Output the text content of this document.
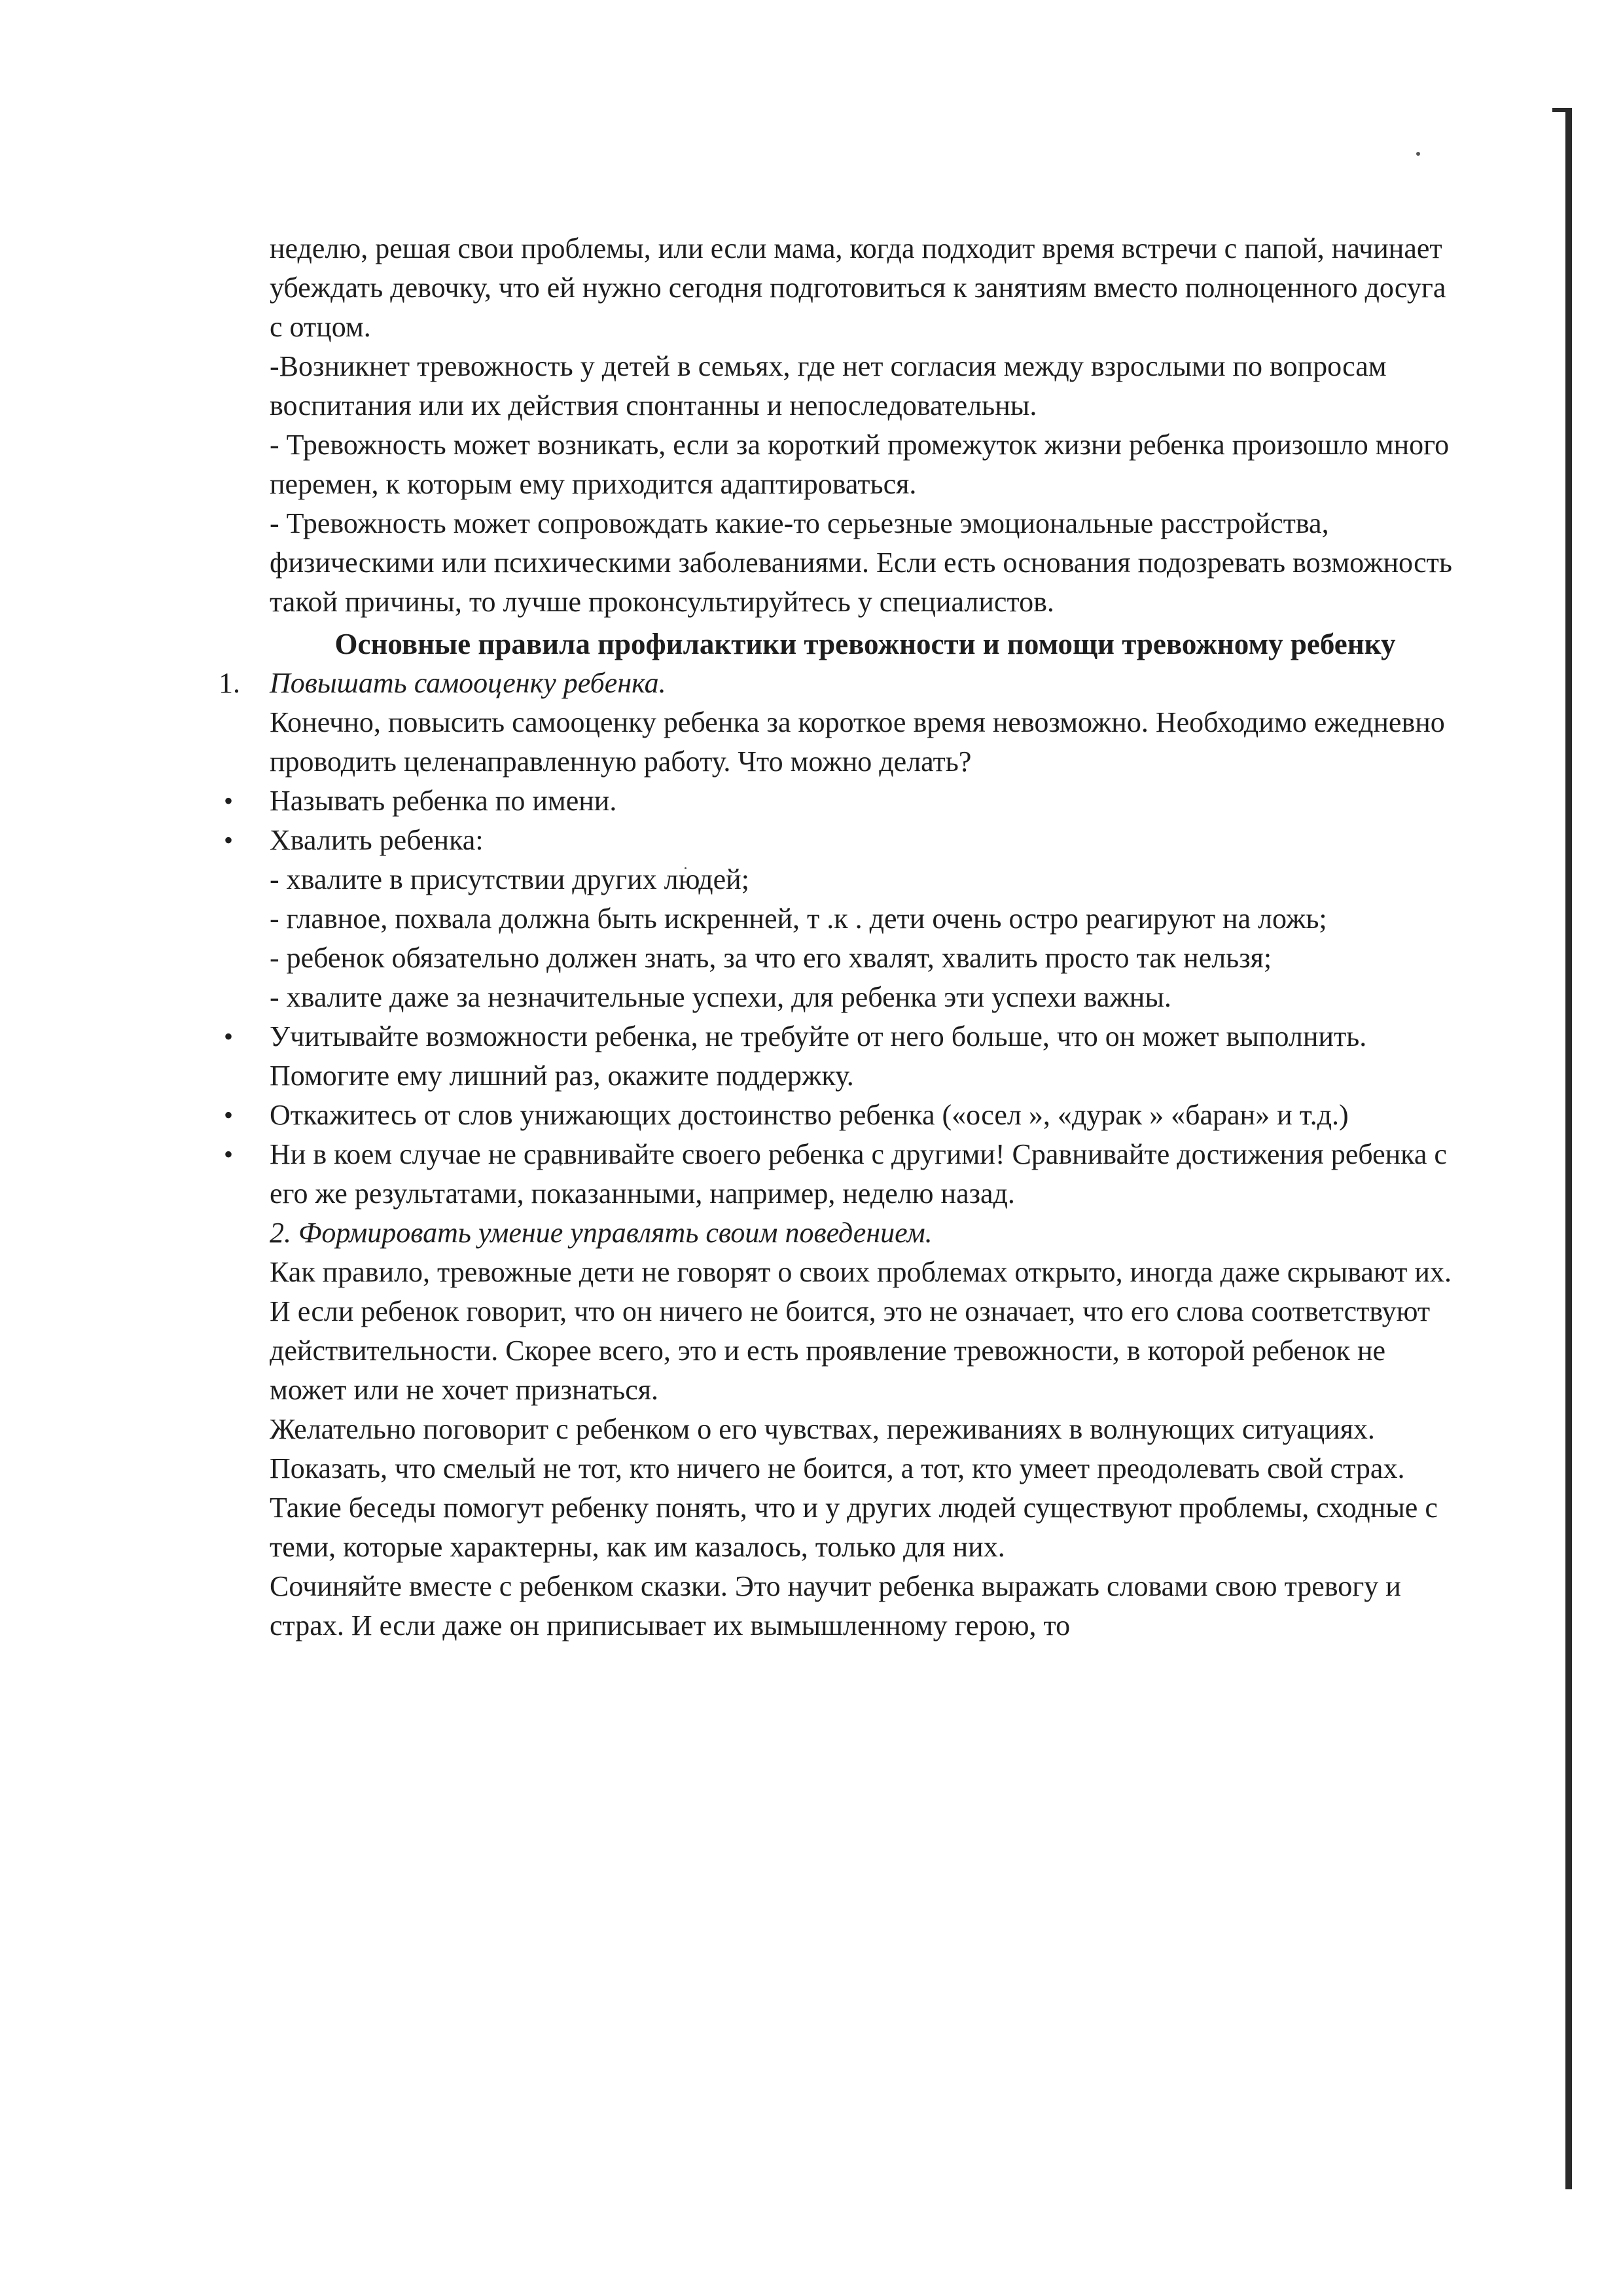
неделю, решая свои проблемы, или если мама, когда подходит время встречи с папой, начинает убеждать девочку, что ей нужно сегодня подготовиться к занятиям вместо полноценного досуга с отцом.

-Возникнет тревожность у детей в семьях, где нет согласия между взрослыми по вопросам воспитания или их действия спонтанны и непоследовательны.

- Тревожность может возникать, если за короткий промежуток жизни ребенка произошло много перемен, к которым ему приходится адаптироваться.

- Тревожность может сопровождать какие-то серьезные эмоциональные расстройства, физическими или психическими заболеваниями. Если есть основания подозревать возможность такой причины, то лучше проконсультируйтесь у специалистов.

Основные правила профилактики тревожности и помощи тревожному ребенку

1. Повышать самооценку ребенка.

Конечно, повысить самооценку ребенка за короткое время невозможно. Необходимо ежедневно проводить целенаправленную работу. Что можно делать?

• Называть ребенка по имени.
• Хвалить ребенка:

- хвалите в присутствии других людей;

- главное, похвала должна быть искренней, т .к . дети очень остро реагируют на ложь;

- ребенок обязательно должен знать, за что его хвалят, хвалить просто так нельзя;

- хвалите даже за незначительные успехи, для ребенка эти успехи важны.

• Учитывайте возможности ребенка, не требуйте от него больше, что он может выполнить. Помогите ему лишний раз, окажите поддержку.
• Откажитесь от слов унижающих достоинство ребенка («осел », «дурак » «баран» и т.д.)
• Ни в коем случае не сравнивайте своего ребенка с другими! Сравнивайте достижения ребенка с его же результатами, показанными, например, неделю назад.

2. Формировать умение управлять своим поведением.

Как правило, тревожные дети не говорят о своих проблемах открыто, иногда даже скрывают их. И если ребенок говорит, что он ничего не боится, это не означает, что его слова соответствуют действительности. Скорее всего, это и есть проявление тревожности, в которой ребенок не может или не хочет признаться.

Желательно поговорит с ребенком о его чувствах, переживаниях в волнующих ситуациях. Показать, что смелый не тот, кто ничего не боится, а тот, кто умеет преодолевать свой страх. Такие беседы помогут ребенку понять, что и у других людей существуют проблемы, сходные с теми, которые характерны, как им казалось, только для них.

Сочиняйте вместе с ребенком сказки. Это научит ребенка выражать словами свою тревогу и страх. И если даже он приписывает их вымышленному герою, то
